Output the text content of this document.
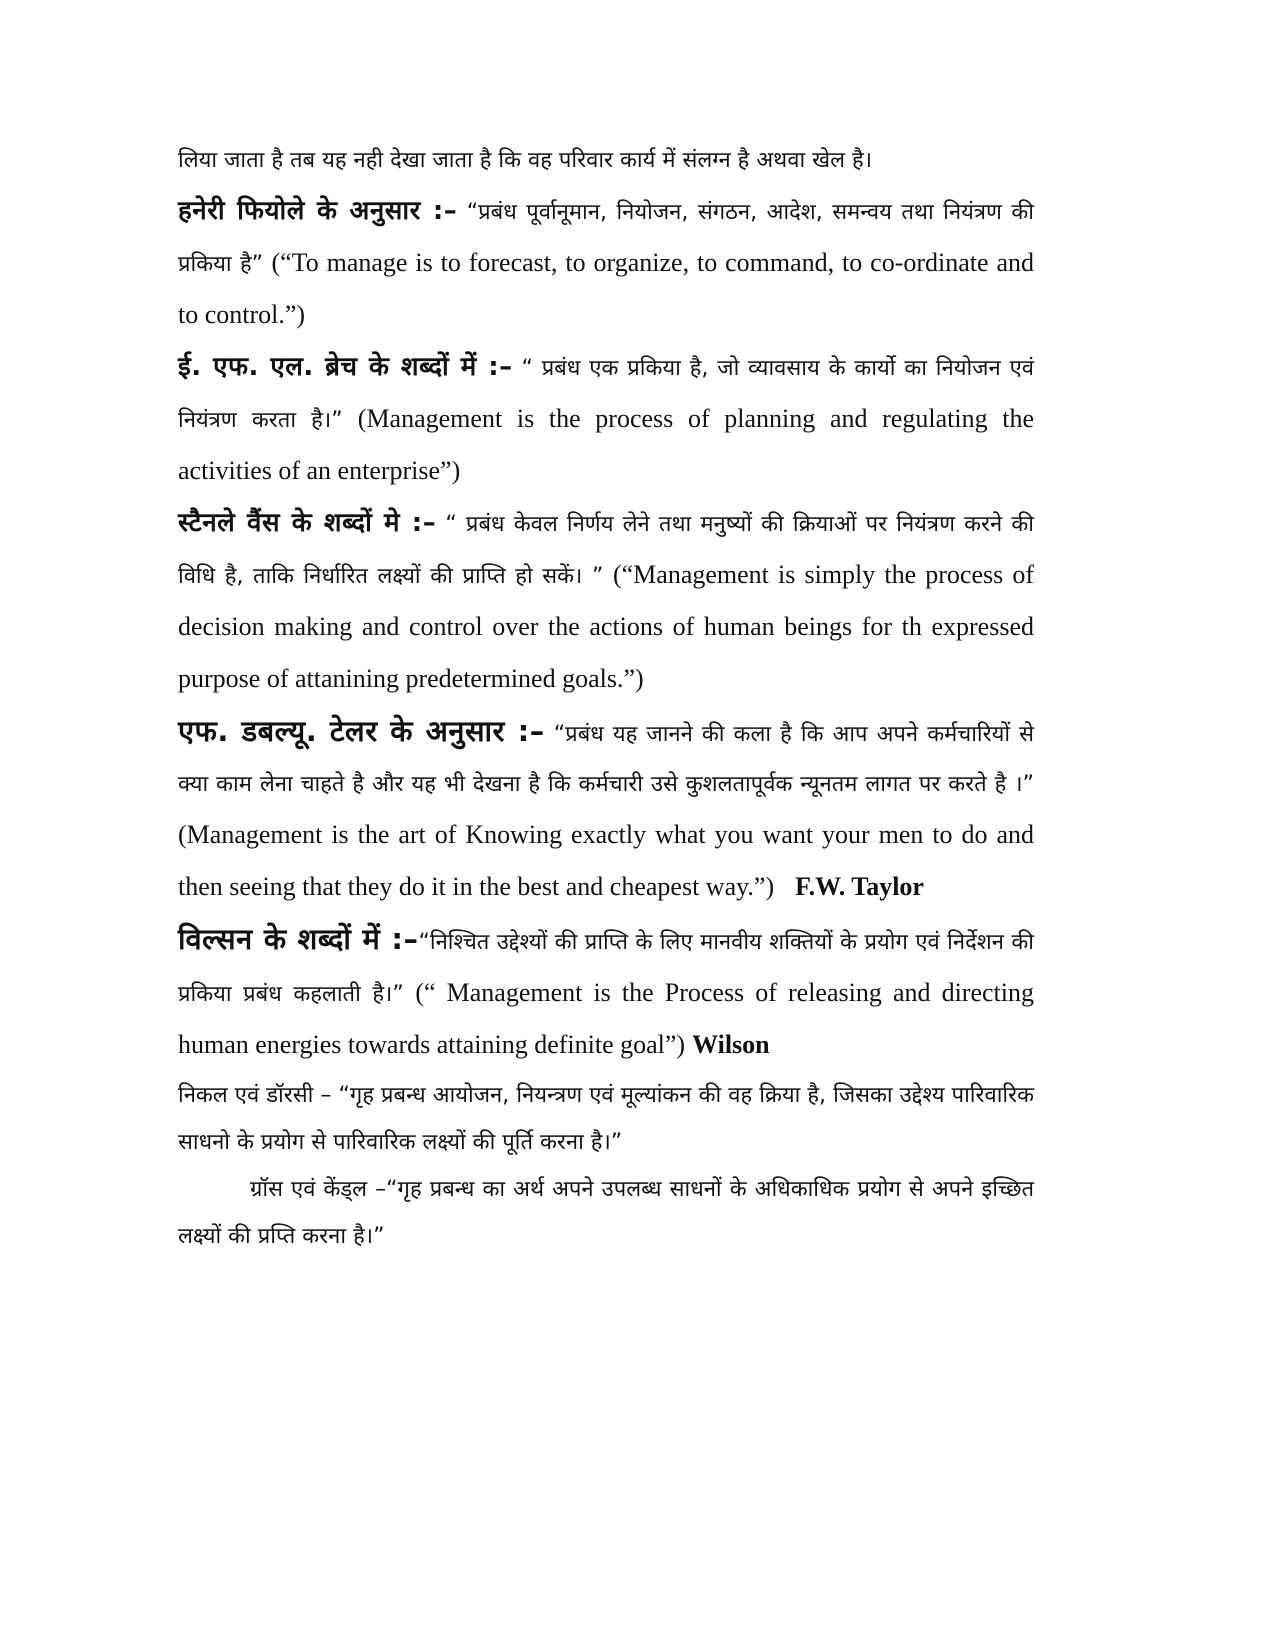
लिया जाता है तब यह नही देखा जाता है कि वह परिवार कार्य में संलग्न है अथवा खेल है।

हनेरी फियोले के अनुसार :– “प्रबंध पूर्वानूमान, नियोजन, संगठन, आदेश, समन्वय तथा नियंत्रण की प्रकिया है” (“To manage is to forecast, to organize, to command, to co-ordinate and to control.”)

ई. एफ. एल. ब्रेच के शब्दों में :– “ प्रबंध एक प्रकिया है, जो व्यावसाय के कार्यो का नियोजन एवं नियंत्रण करता है।” (Management is the process of planning and regulating the activities of an enterprise”)

स्टैनले वैंस के शब्दों मे :– “ प्रबंध केवल निर्णय लेने तथा मनुष्यों की क्रियाओं पर नियंत्रण करने की विधि है, ताकि निर्धारित लक्ष्यों की प्राप्ति हो सकें। ” (“Management is simply the process of decision making and control over the actions of human beings for th expressed purpose of attanining predetermined goals.”)

एफ. डबल्यू. टेलर के अनुसार :– “प्रबंध यह जानने की कला है कि आप अपने कर्मचारियों से क्या काम लेना चाहते है और यह भी देखना है कि कर्मचारी उसे कुशलतापूर्वक न्यूनतम लागत पर करते है ।” (Management is the art of Knowing exactly what you want your men to do and then seeing that they do it in the best and cheapest way.”) F.W. Taylor

विल्सन के शब्दों में :–“निश्चित उद्देश्यों की प्राप्ति के लिए मानवीय शक्तियों के प्रयोग एवं निर्देशन की प्रकिया प्रबंध कहलाती है।” (“ Management is the Process of releasing and directing human energies towards attaining definite goal”) Wilson

निकल एवं डॉरसी – “गृह प्रबन्ध आयोजन, नियन्त्रण एवं मूल्यांकन की वह क्रिया है, जिसका उद्देश्य पारिवारिक साधनो के प्रयोग से पारिवारिक लक्ष्यों की पूर्ति करना है।”

ग्रॉस एवं केंड्ल –“गृह प्रबन्ध का अर्थ अपने उपलब्ध साधनों के अधिकाधिक प्रयोग से अपने इच्छित लक्ष्यों की प्रप्ति करना है।”
